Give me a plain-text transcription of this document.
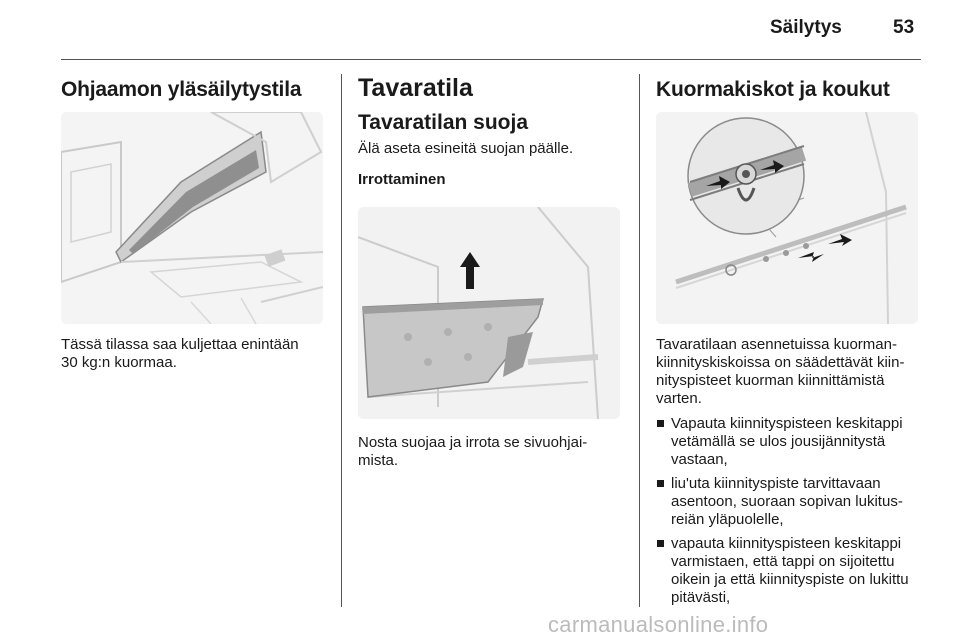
Säilytys	53
Ohjaamon yläsäilytystila

Tässä tilassa saa kuljettaa enintään

30 kg:n kuormaa.

Tavaratila
Tavaratilan suoja

Älä aseta esineitä suojan päälle.

Irrottaminen

Nosta suojaa ja irrota se sivuohjai-

mista.

Kuormakiskot ja koukut

Tavaratilaan asennetuissa kuorman-

kiinnityskiskoissa on säädettävät kiin-

nityspisteet kuorman kiinnittämistä

varten.

Vapauta kiinnityspisteen keskitappi
vetämällä se ulos jousijännitystä
vastaan,
liu'uta kiinnityspiste tarvittavaan
asentoon, suoraan sopivan lukitus-
reiän yläpuolelle,
vapauta kiinnityspisteen keskitappi
varmistaen, että tappi on sijoitettu
oikein ja että kiinnityspiste on lukittu
pitävästi,
carmanualsonline.info
